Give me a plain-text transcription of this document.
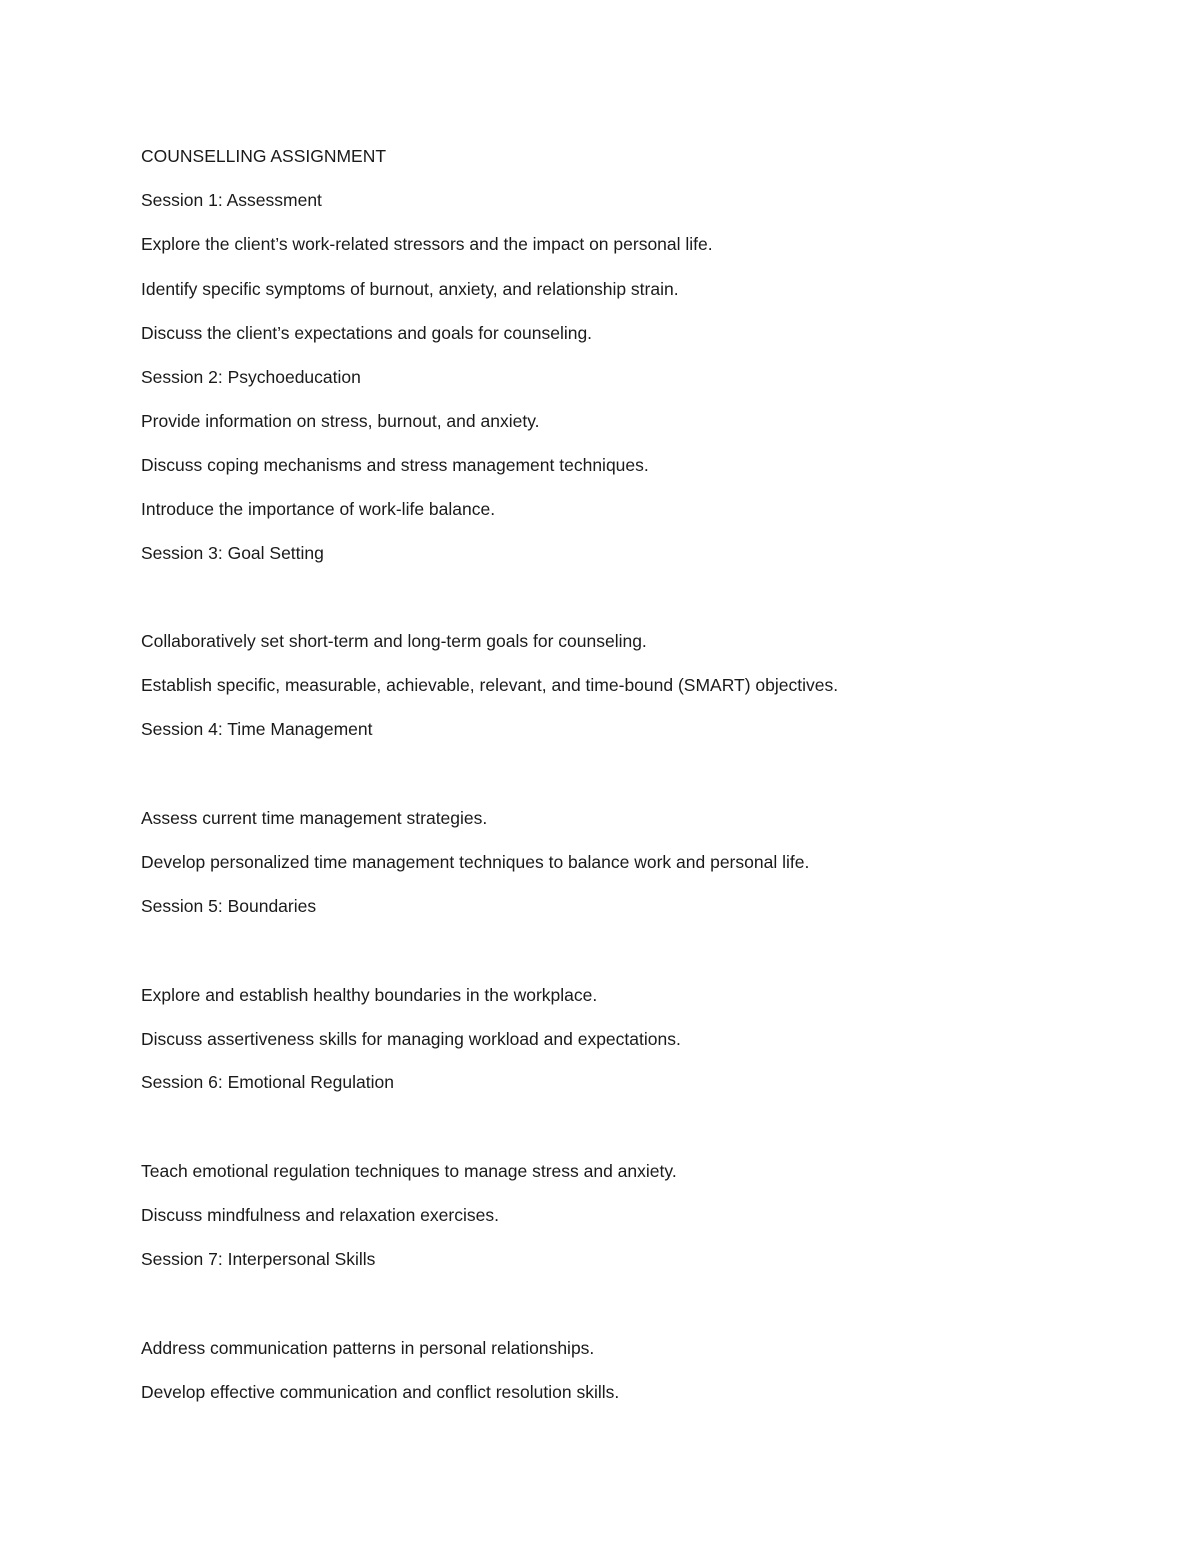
COUNSELLING ASSIGNMENT

Session 1: Assessment

Explore the client’s work-related stressors and the impact on personal life.

Identify specific symptoms of burnout, anxiety, and relationship strain.

Discuss the client’s expectations and goals for counseling.

Session 2: Psychoeducation

Provide information on stress, burnout, and anxiety.

Discuss coping mechanisms and stress management techniques.

Introduce the importance of work-life balance.

Session 3: Goal Setting

Collaboratively set short-term and long-term goals for counseling.

Establish specific, measurable, achievable, relevant, and time-bound (SMART) objectives.

Session 4: Time Management

Assess current time management strategies.

Develop personalized time management techniques to balance work and personal life.

Session 5: Boundaries

Explore and establish healthy boundaries in the workplace.

Discuss assertiveness skills for managing workload and expectations.

Session 6: Emotional Regulation

Teach emotional regulation techniques to manage stress and anxiety.

Discuss mindfulness and relaxation exercises.

Session 7: Interpersonal Skills

Address communication patterns in personal relationships.

Develop effective communication and conflict resolution skills.
